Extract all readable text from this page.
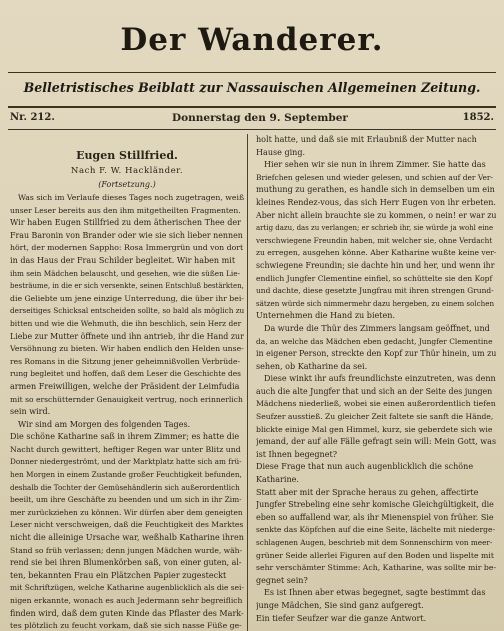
Der Wanderer.
Belletristisches Beiblatt zur Nassauischen Allgemeinen Zeitung.
Nr. 212.	Donnerstag den 9. September	1852.
Eugen Stillfried.
Nach F. W. Hackländer.
(Fortsetzung.)
Was sich im Verlaufe dieses Tages noch zugetragen, weiß
unser Leser bereits aus den ihm mitgetheilten Fragmenten.
Wir haben Eugen Stillfried zu dem ätherischen Thee der
Frau Baronin von Brander oder wie sie sich lieber nennen
hört, der modernen Sappho: Rosa Immergrün und von dort
in das Haus der Frau Schilder begleitet. Wir haben mit
ihm sein Mädchen belauscht, und gesehen, wie die süßen Lie-
besträume, in die er sich versenkte, seinen Entschluß bestärkten,
die Geliebte um jene einzige Unterredung, die über ihr bei-
derseitiges Schicksal entscheiden sollte, so bald als möglich zu
bitten und wie die Wehmuth, die ihn beschlich, sein Herz der
Liebe zur Mutter öffnete und ihn antrieb, ihr die Hand zur
Versöhnung zu bieten. Wir haben endlich den Helden unse-
res Romans in die Sitzung jener geheimnißvollen Verbrüde-
rung begleitet und hoffen, daß dem Leser die Geschichte des
armen Freiwilligen, welche der Präsident der Leimfudia
mit so erschütternder Genauigkeit vertrug, noch erinnerlich
sein wird.
Wir sind am Morgen des folgenden Tages.
Die schöne Katharine saß in ihrem Zimmer; es hatte die
Nacht durch gewittert, heftiger Regen war unter Blitz und
Donner niedergeströmt, und der Marktplatz hatte sich am frü-
hen Morgen in einem Zustande großer Feuchtigkeit befunden,
deshalb die Tochter der Gemüsehändlerin sich außerordentlich
beeilt, um ihre Geschäfte zu beenden und um sich in ihr Zim-
mer zurückziehen zu können. Wir dürfen aber dem geneigten
Leser nicht verschweigen, daß die Feuchtigkeit des Marktes
nicht die alleinige Ursache war, weßhalb Katharine ihren
Stand so früh verlassen; denn jungen Mädchen wurde, wäh-
rend sie bei ihren Blumenkörben saß, von einer guten, al-
ten, bekannten Frau ein Plätzchen Papier zugesteckt
mit Schriftzügen, welche Katharine augenblicklich als die sei-
nigen erkannte, wonach es auch Jedermann sehr begreiflich
finden wird, daß dem guten Kinde das Pflaster des Mark-
tes plötzlich zu feucht vorkam, daß sie sich nasse Füße ge-
holt hatte, und daß sie mit Erlaubniß der Mutter nach
Hause ging.
Hier sehen wir sie nun in ihrem Zimmer. Sie hatte das
Briefchen gelesen und wieder gelesen, und schien auf der Ver-
muthung zu gerathen, es handle sich in demselben um ein
kleines Rendez-vous, das sich Herr Eugen von ihr erbeten.
Aber nicht allein brauchte sie zu kommen, o nein! er war zu
artig dazu, das zu verlangen; er schrieb ihr, sie würde ja wohl eine
verschwiegene Freundin haben, mit welcher sie, ohne Verdacht
zu erregen, ausgehen könne. Aber Katharine wußte keine ver-
schwiegene Freundin; sie dachte hin und her, und wenn ihr
endlich Jungfer Clementine einfiel, so schüttelte sie den Kopf
und dachte, diese gesetzte Jungfrau mit ihren strengen Grund-
sätzen würde sich nimmermehr dazu hergeben, zu einem solchen
Unternehmen die Hand zu bieten.
Da wurde die Thür des Zimmers langsam geöffnet, und
da, an welche das Mädchen eben gedacht, Jungfer Clementine
in eigener Person, streckte den Kopf zur Thür hinein, um zu
sehen, ob Katharine da sei.
Diese winkt ihr aufs freundlichste einzutreten, was denn
auch die alte Jungfer that und sich an der Seite des jungen
Mädchens niederließ, wobei sie einen außerordentlich tiefen
Seufzer ausstieß. Zu gleicher Zeit faltete sie sanft die Hände,
blickte einige Mal gen Himmel, kurz, sie geberdete sich wie
jemand, der auf alle Fälle gefragt sein will: Mein Gott, was
ist Ihnen begegnet?
Diese Frage that nun auch augenblicklich die schöne
Katharine.
Statt aber mit der Sprache heraus zu gehen, affectirte
Jungfer Strebeling eine sehr komische Gleichgültigkeit, die
eben so auffallend war, als ihr Mienenspiel von früher. Sie
senkte das Köpfchen auf die eine Seite, lächelte mit niederge-
schlagenen Augen, beschrieb mit dem Sonnenschirm von meer-
grüner Seide allerlei Figuren auf den Boden und lispelte mit
sehr verschämter Stimme: Ach, Katharine, was sollte mir be-
gegnet sein?
Es ist Ihnen aber etwas begegnet, sagte bestimmt das
junge Mädchen, Sie sind ganz aufgeregt.
Ein tiefer Seufzer war die ganze Antwort.
